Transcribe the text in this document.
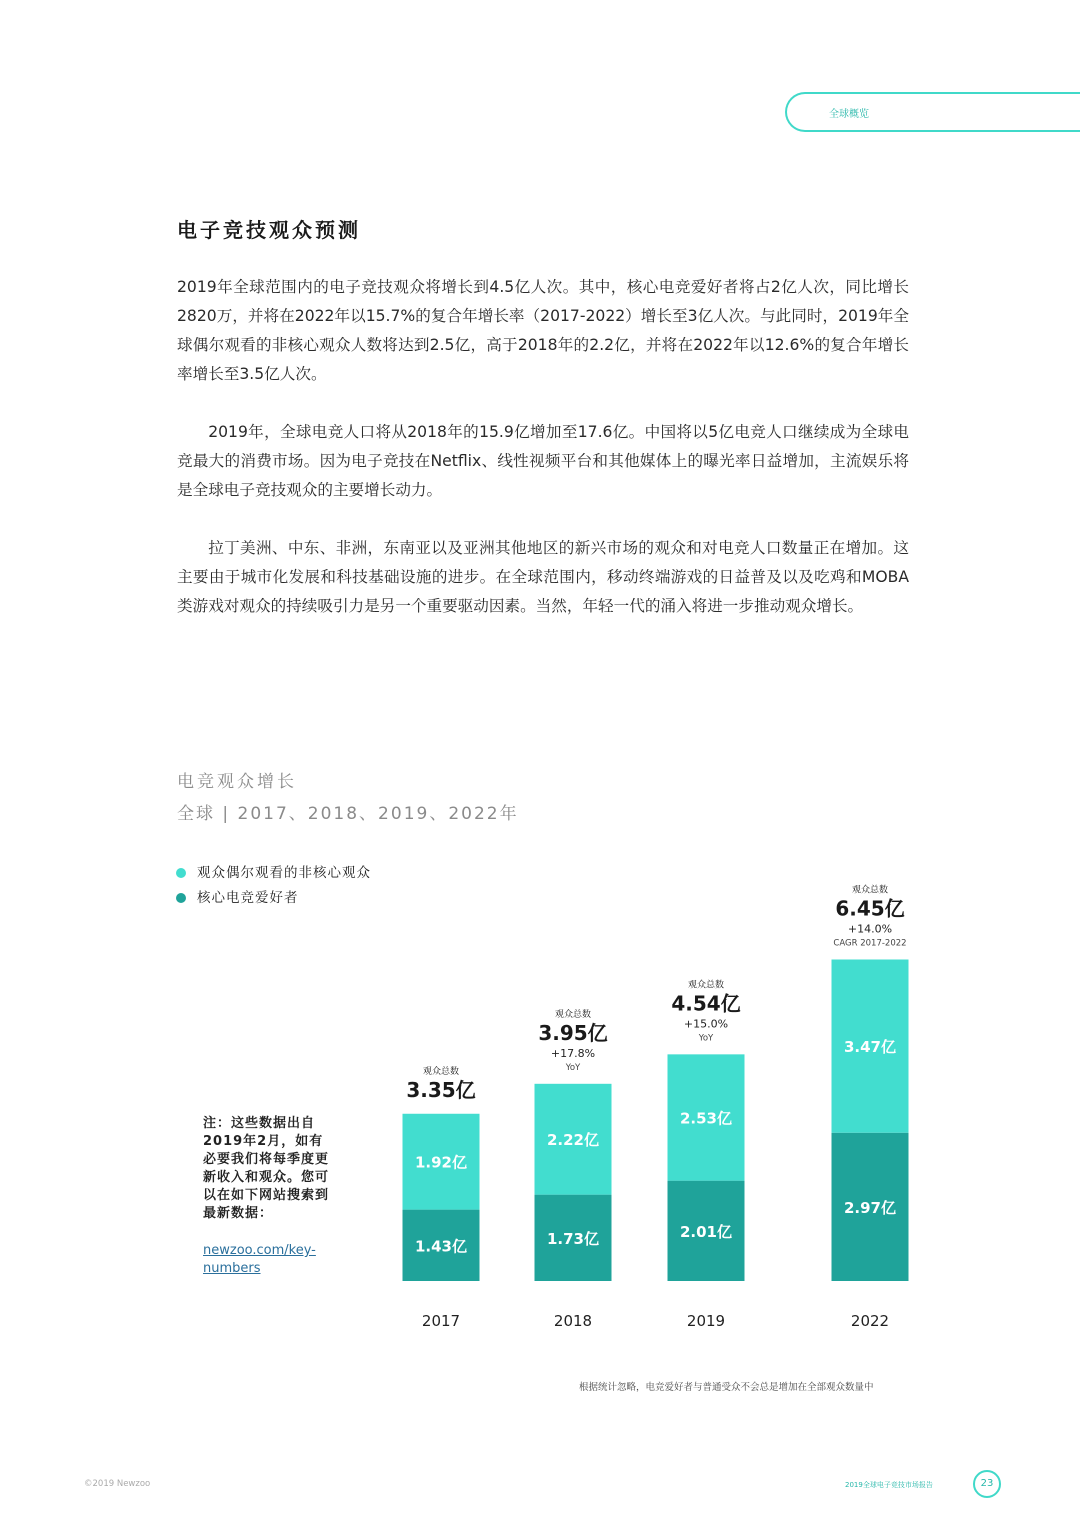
全球概览
电子竞技观众预测

2019年全球范围内的电子竞技观众将增长到4.5亿人次。其中，核心电竞爱好者将占2亿人次，同比增长2820万，并将在2022年以15.7%的复合年增长率（2017-2022）增长至3亿人次。与此同时，2019年全球偶尔观看的非核心观众人数将达到2.5亿，高于2018年的2.2亿，并将在2022年以12.6%的复合年增长率增长至3.5亿人次。

2019年，全球电竞人口将从2018年的15.9亿增加至17.6亿。中国将以5亿电竞人口继续成为全球电竞最大的消费市场。因为电子竞技在Netflix、线性视频平台和其他媒体上的曝光率日益增加，主流娱乐将是全球电子竞技观众的主要增长动力。

拉丁美洲、中东、非洲，东南亚以及亚洲其他地区的新兴市场的观众和对电竞人口数量正在增加。这主要由于城市化发展和科技基础设施的进步。在全球范围内，移动终端游戏的日益普及以及吃鸡和MOBA类游戏对观众的持续吸引力是另一个重要驱动因素。当然，年轻一代的涌入将进一步推动观众增长。

电竞观众增长
全球 | 2017、2018、2019、2022年
观众偶尔观看的非核心观众
核心电竞爱好者
注：这些数据出自2019年2月，如有必要我们将每季度更新收入和观众。您可以在如下网站搜索到最新数据：
newzoo.com/key-numbers
1.43亿
1.92亿
观众总数
3.35亿
2017
1.73亿
2.22亿
观众总数
3.95亿
+17.8%
YoY
2018
2.01亿
2.53亿
观众总数
4.54亿
+15.0%
YoY
2019
2.97亿
3.47亿
观众总数
6.45亿
+14.0%
CAGR 2017-2022
2022
根据统计忽略，电竞爱好者与普通受众不会总是增加在全部观众数量中
©2019 Newzoo	2019全球电子竞技市场报告	23
